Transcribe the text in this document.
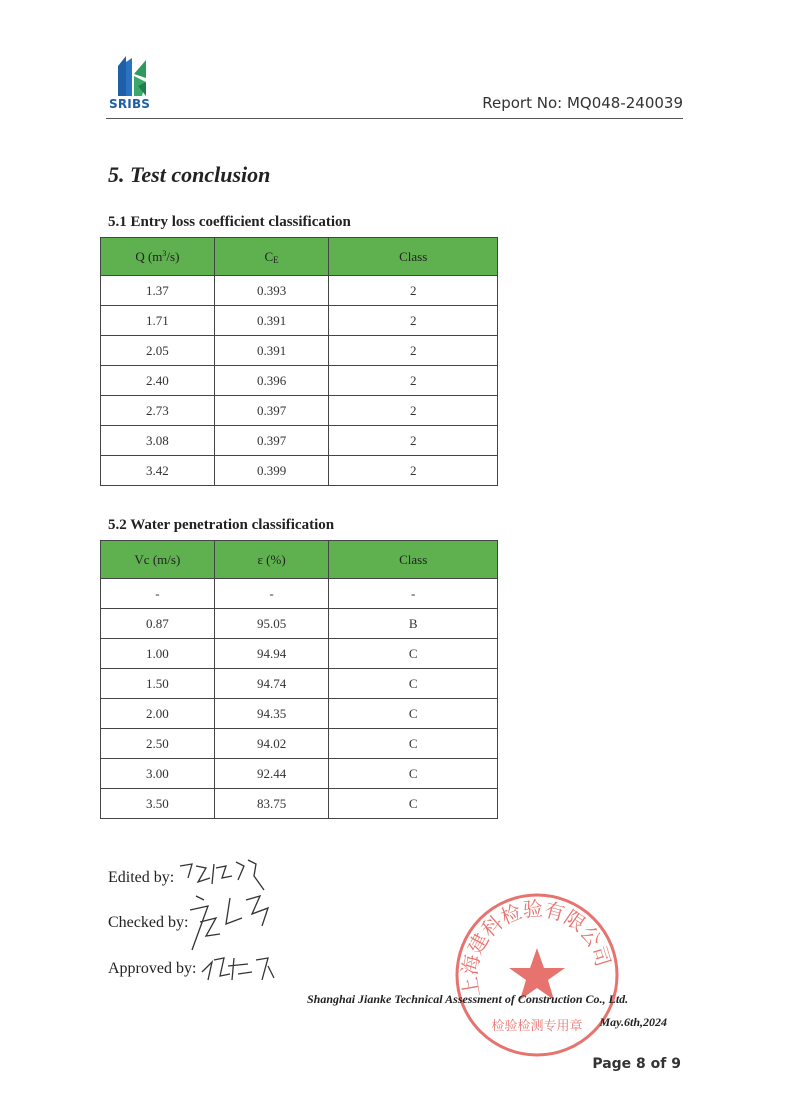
SRIBS	Report No: MQ048-240039
5. Test conclusion
5.1 Entry loss coefficient classification
Q $(m^3/s)$	$C_E$	Class
1.37	0.393	2
1.71	0.391	2
2.05	0.391	2
2.40	0.396	2
2.73	0.397	2
3.08	0.397	2
3.42	0.399	2
5.2 Water penetration classification
Vc (m/s)	ε (%)	Class
-	-	-
0.87	95.05	B
1.00	94.94	C
1.50	94.74	C
2.00	94.35	C
2.50	94.02	C
3.00	92.44	C
3.50	83.75	C
Edited by:
Checked by:
Approved by:
上海建科检验有限公司
检验检测专用章
Shanghai Jianke Technical Assessment of Construction Co., Ltd.
May.6th,2024
Page 8 of 9
